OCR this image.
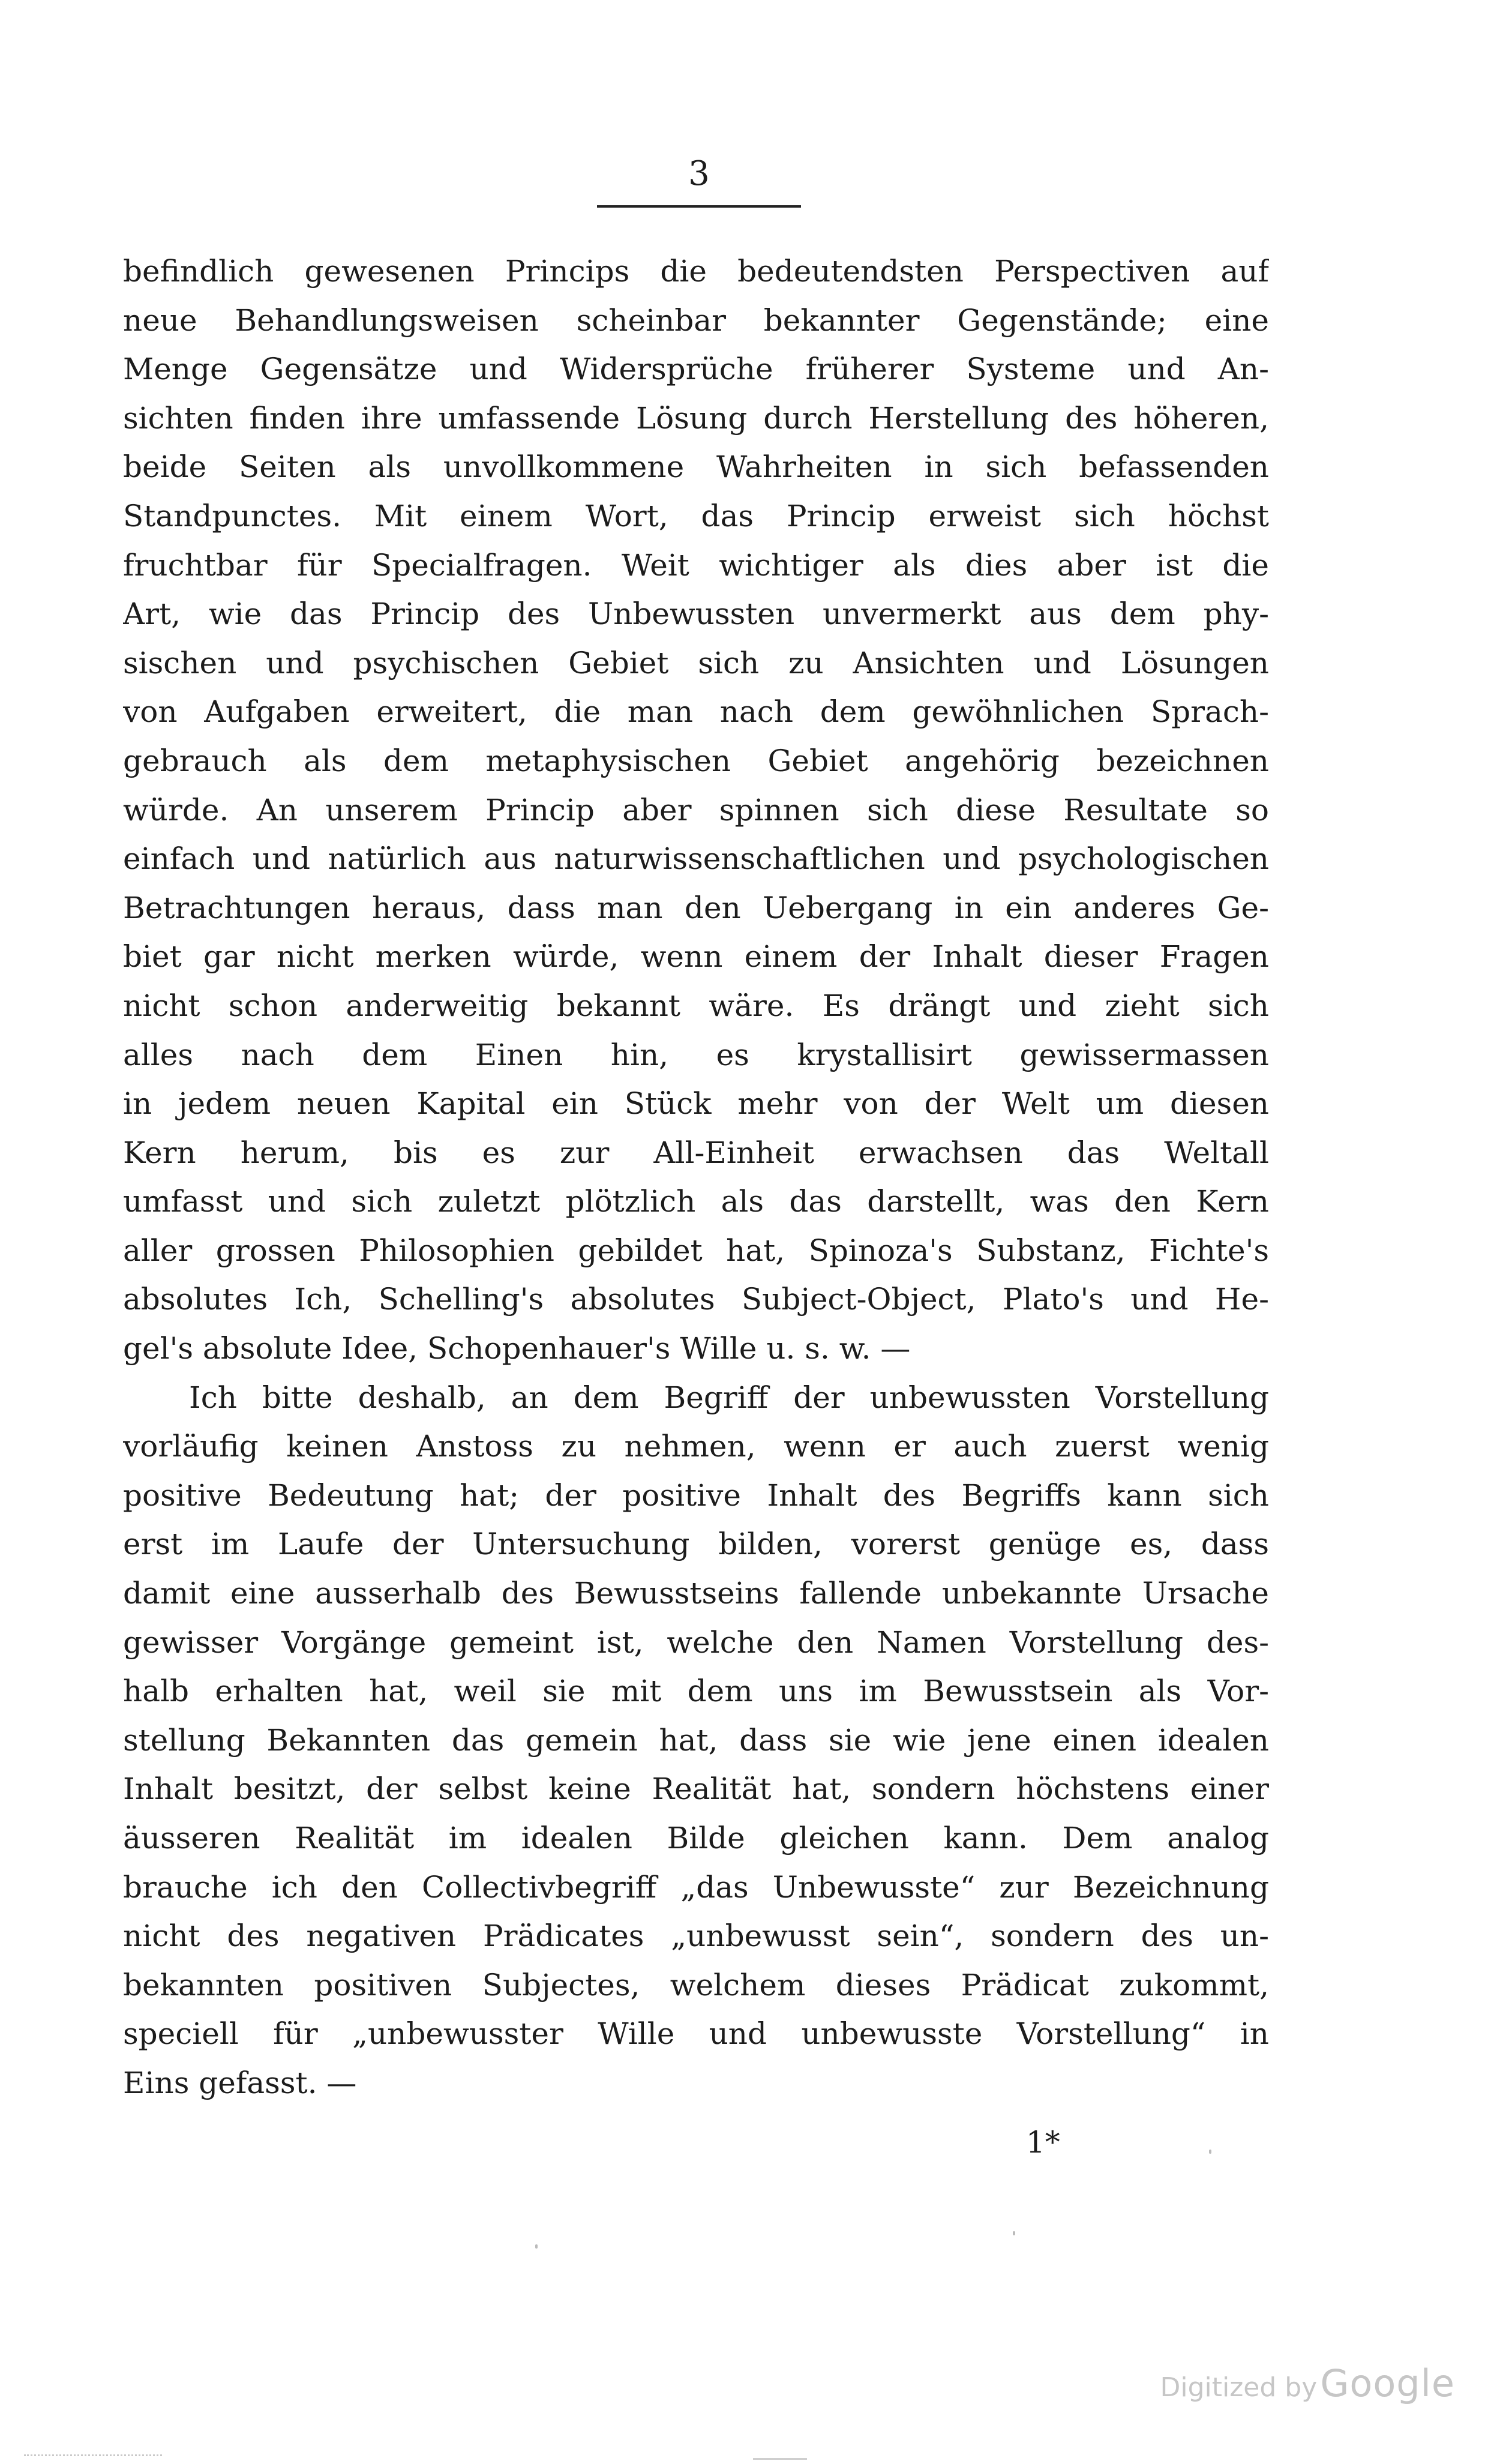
3
befindlich gewesenen Princips die bedeutendsten Perspectiven auf
neue Behandlungsweisen scheinbar bekannter Gegenstände; eine
Menge Gegensätze und Widersprüche früherer Systeme und An-
sichten finden ihre umfassende Lösung durch Herstellung des höheren,
beide Seiten als unvollkommene Wahrheiten in sich befassenden
Standpunctes. Mit einem Wort, das Princip erweist sich höchst
fruchtbar für Specialfragen. Weit wichtiger als dies aber ist die
Art, wie das Princip des Unbewussten unvermerkt aus dem phy-
sischen und psychischen Gebiet sich zu Ansichten und Lösungen
von Aufgaben erweitert, die man nach dem gewöhnlichen Sprach-
gebrauch als dem metaphysischen Gebiet angehörig bezeichnen
würde. An unserem Princip aber spinnen sich diese Resultate so
einfach und natürlich aus naturwissenschaftlichen und psychologischen
Betrachtungen heraus, dass man den Uebergang in ein anderes Ge-
biet gar nicht merken würde, wenn einem der Inhalt dieser Fragen
nicht schon anderweitig bekannt wäre. Es drängt und zieht sich
alles nach dem Einen hin, es krystallisirt gewissermassen
in jedem neuen Kapital ein Stück mehr von der Welt um diesen
Kern herum, bis es zur All-Einheit erwachsen das Weltall
umfasst und sich zuletzt plötzlich als das darstellt, was den Kern
aller grossen Philosophien gebildet hat, Spinoza's Substanz, Fichte's
absolutes Ich, Schelling's absolutes Subject-Object, Plato's und He-
gel's absolute Idee, Schopenhauer's Wille u. s. w. —
Ich bitte deshalb, an dem Begriff der unbewussten Vorstellung
vorläufig keinen Anstoss zu nehmen, wenn er auch zuerst wenig
positive Bedeutung hat; der positive Inhalt des Begriffs kann sich
erst im Laufe der Untersuchung bilden, vorerst genüge es, dass
damit eine ausserhalb des Bewusstseins fallende unbekannte Ursache
gewisser Vorgänge gemeint ist, welche den Namen Vorstellung des-
halb erhalten hat, weil sie mit dem uns im Bewusstsein als Vor-
stellung Bekannten das gemein hat, dass sie wie jene einen idealen
Inhalt besitzt, der selbst keine Realität hat, sondern höchstens einer
äusseren Realität im idealen Bilde gleichen kann. Dem analog
brauche ich den Collectivbegriff „das Unbewusste“ zur Bezeichnung
nicht des negativen Prädicates „unbewusst sein“, sondern des un-
bekannten positiven Subjectes, welchem dieses Prädicat zukommt,
speciell für „unbewusster Wille und unbewusste Vorstellung“ in
Eins gefasst. —
1*
Digitized by Google
